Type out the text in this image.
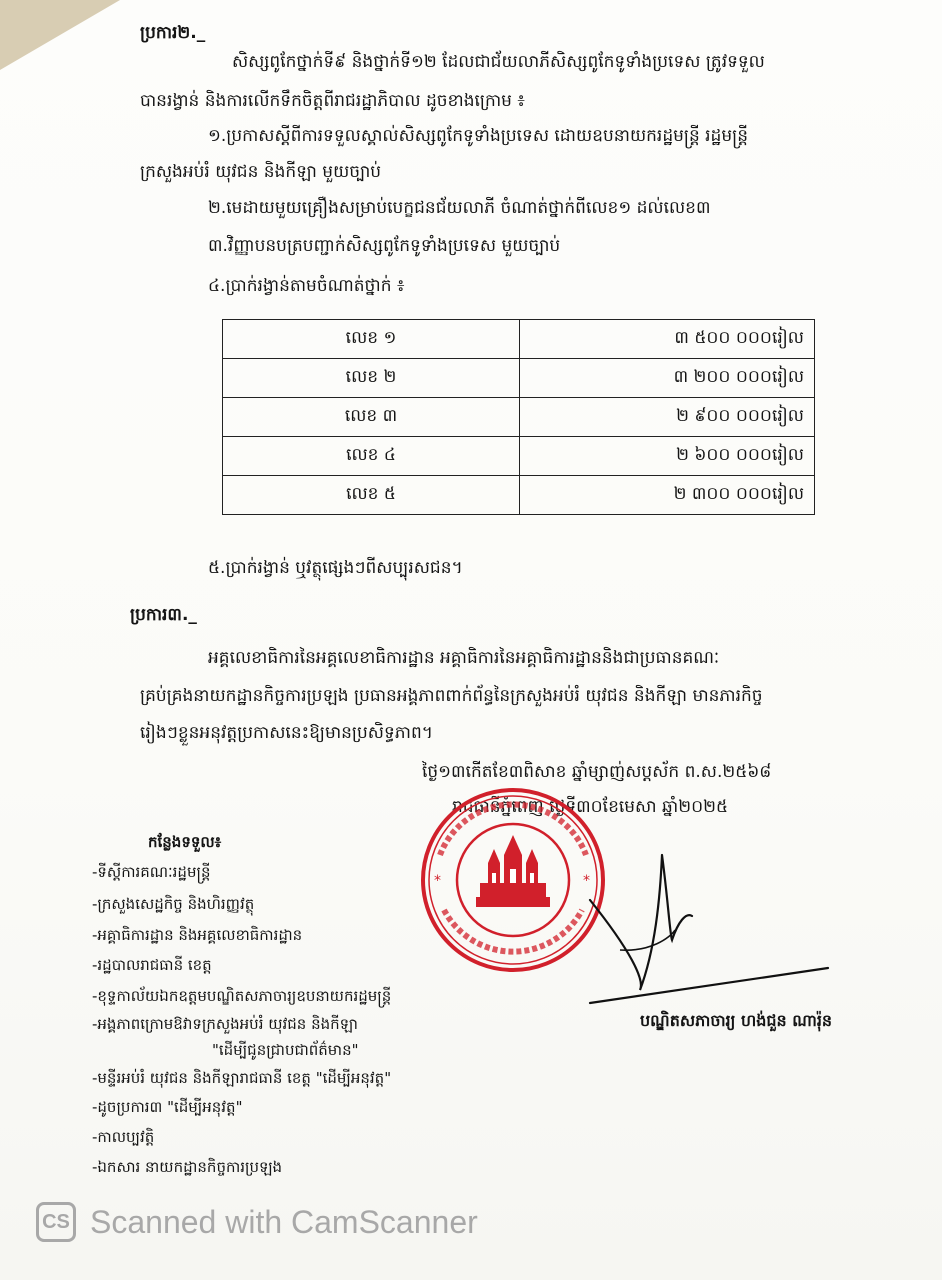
ប្រការ២._
សិស្សពូកែថ្នាក់ទី៩ និងថ្នាក់ទី១២ ដែលជាជ័យលាភីសិស្សពូកែទូទាំងប្រទេស ត្រូវទទួល
បានរង្វាន់ និងការលើកទឹកចិត្តពីរាជរដ្ឋាភិបាល ដូចខាងក្រោម ៖
១.ប្រកាសស្តីពីការទទួលស្គាល់សិស្សពូកែទូទាំងប្រទេស ដោយឧបនាយករដ្ឋមន្ត្រី រដ្ឋមន្ត្រី
ក្រសួងអប់រំ យុវជន និងកីឡា មួយច្បាប់
២.មេដាយមួយគ្រឿងសម្រាប់បេក្ខជនជ័យលាភី ចំណាត់ថ្នាក់ពីលេខ១ ដល់លេខ៣
៣.វិញ្ញាបនបត្របញ្ជាក់សិស្សពូកែទូទាំងប្រទេស មួយច្បាប់
៤.ប្រាក់រង្វាន់តាមចំណាត់ថ្នាក់ ៖
លេខ ១	៣ ៥០០ ០០០រៀល
លេខ ២	៣ ២០០ ០០០រៀល
លេខ ៣	២ ៩០០ ០០០រៀល
លេខ ៤	២ ៦០០ ០០០រៀល
លេខ ៥	២ ៣០០ ០០០រៀល
៥.ប្រាក់រង្វាន់ ឬវត្ថុផ្សេងៗពីសប្បុរសជន។
ប្រការ៣._
អគ្គលេខាធិការនៃអគ្គលេខាធិការដ្ឋាន អគ្គាធិការនៃអគ្គាធិការដ្ឋាននិងជាប្រធានគណៈ
គ្រប់គ្រងនាយកដ្ឋានកិច្ចការប្រឡង ប្រធានអង្គភាពពាក់ព័ន្ធនៃក្រសួងអប់រំ យុវជន និងកីឡា មានភារកិច្ច
រៀងៗខ្លួនអនុវត្តប្រកាសនេះឱ្យមានប្រសិទ្ធភាព។
ថ្ងៃ១៣កើតខែ៣ពិសាខ ឆ្នាំម្សាញ់សប្តស័ក ព.ស.២៥៦៨
រាជធានីភ្នំពេញ ថ្ងៃទី៣០ខែមេសា ឆ្នាំ២០២៥
កន្លែងទទួល៖
-ទីស្តីការគណៈរដ្ឋមន្ត្រី
-ក្រសួងសេដ្ឋកិច្ច និងហិរញ្ញវត្ថុ
-អគ្គាធិការដ្ឋាន និងអគ្គលេខាធិការដ្ឋាន
-រដ្ឋបាលរាជធានី ខេត្ត
-ខុទ្ទកាល័យឯកឧត្តមបណ្ឌិតសភាចារ្យឧបនាយករដ្ឋមន្ត្រី
-អង្គភាពក្រោមឱវាទក្រសួងអប់រំ យុវជន និងកីឡា
"ដើម្បីជូនជ្រាបជាព័ត៌មាន"
-មន្ទីរអប់រំ យុវជន និងកីឡារាជធានី ខេត្ត "ដើម្បីអនុវត្ត"
-ដូចប្រការ៣ "ដើម្បីអនុវត្ត"
-កាលប្បវត្តិ
-ឯកសារ នាយកដ្ឋានកិច្ចការប្រឡង
*	*
បណ្ឌិតសភាចារ្យ ហង់ជួន ណារ៉ុន
CS Scanned with CamScanner
